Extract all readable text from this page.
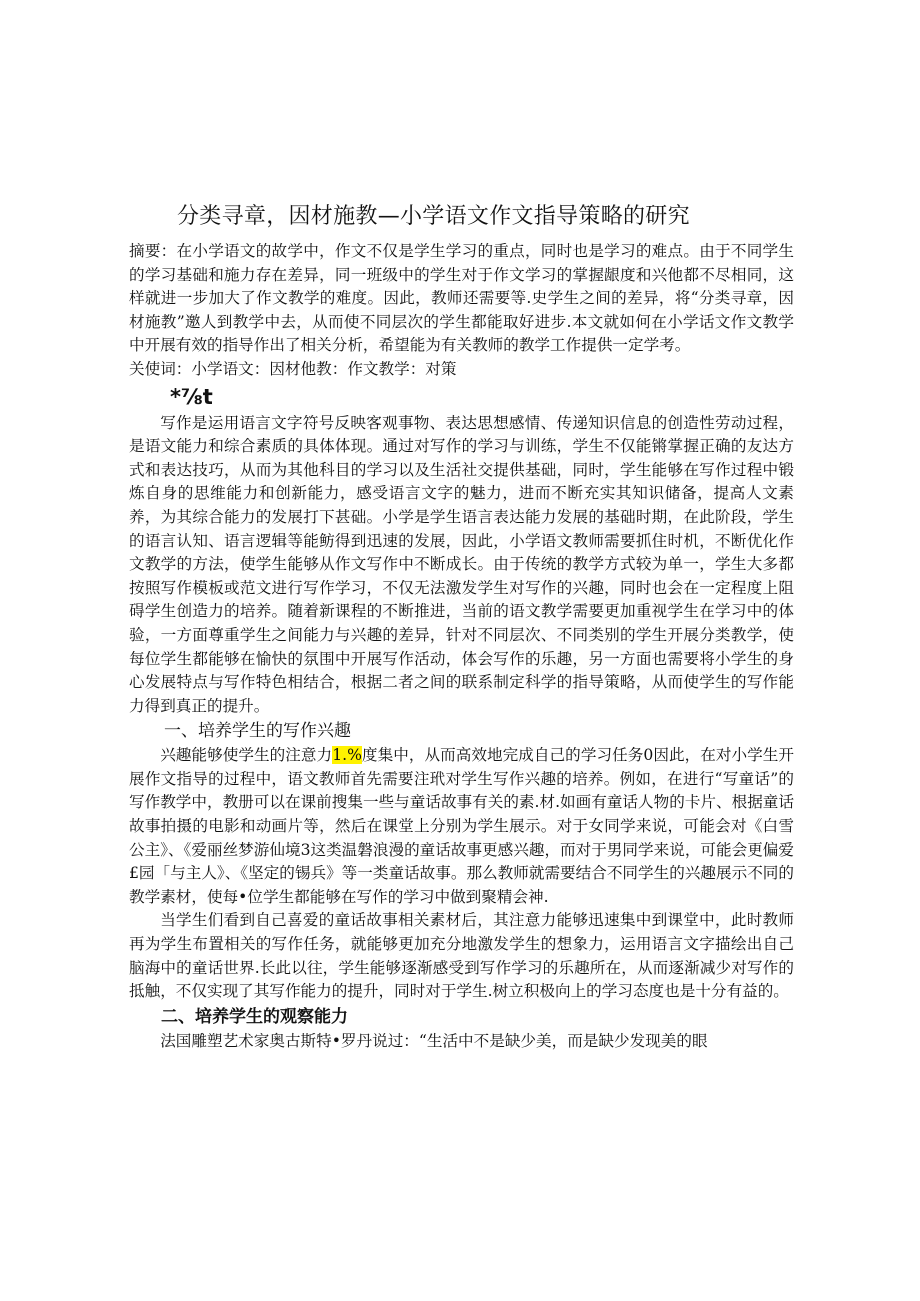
分类寻章，因材施教—小学语文作文指导策略的研究

摘要：在小学语文的故学中，作文不仅是学生学习的重点，同时也是学习的难点。由于不同学生的学习基础和施力存在差异，同一班级中的学生对于作文学习的掌握龈度和兴他都不尽相同，这样就进一步加大了作文教学的难度。因此，教师还需要等.史学生之间的差异，将“分类寻章，因材施教”邀人到教学中去，从而使不同层次的学生都能取好进步.本文就如何在小学话文作文教学中开展有效的指导作出了相关分析，希望能为有关教师的教学工作提供一定学考。

关使词：小学语文：因材他教：作文教学：对策

*⅞t

写作是运用语言文字符号反映客观事物、表达思想感情、传递知识信息的创造性劳动过程，是语文能力和综合素质的具体体现。通过对写作的学习与训练，学生不仅能锵掌握正确的友达方式和表达技巧，从而为其他科目的学习以及生活社交提供基础，同时，学生能够在写作过程中锻炼自身的思维能力和创新能力，感受语言文字的魅力，进而不断充实其知识储备，提高人文素养，为其综合能力的发展打下甚础。小学是学生语言表达能力发展的基础时期，在此阶段，学生的语言认知、语言逻辑等能鲂得到迅速的发展，因此，小学语文教师需要抓住时机，不断优化作文教学的方法，使学生能够从作文写作中不断成长。由于传统的教学方式较为单一，学生大多都按照写作模板或范文进行写作学习，不仅无法激发学生对写作的兴趣，同时也会在一定程度上阻碍学生创造力的培养。随着新课程的不断推进，当前的语文教学需要更加重视学生在学习中的体验，一方面尊重学生之间能力与兴趣的差异，针对不同层次、不同类别的学生开展分类教学，使每位学生都能够在愉快的氛围中开展写作活动，体会写作的乐趣，另一方面也需要将小学生的身心发展特点与写作特色相结合，根据二者之间的联系制定科学的指导策略，从而使学生的写作能力得到真正的提升。

一、培养学生的写作兴趣

兴趣能够使学生的注意力1.%度集中，从而高效地完成自己的学习任务0因此，在对小学生开展作文指导的过程中，语文教师首先需要注玳对学生写作兴趣的培养。例如，在进行“写童话”的写作教学中，教册可以在课前搜集一些与童话故事有关的素.材.如画有童话人物的卡片、根据童话故事拍摄的电影和动画片等，然后在课堂上分别为学生展示。对于女同学来说，可能会对《白雪公主》、《爱丽丝梦游仙境3这类温磐浪漫的童话故事更感兴趣，而对于男同学来说，可能会更偏爱£园「与主人》、《坚定的锡兵》等一类童话故事。那么教师就需要结合不同学生的兴趣展示不同的教学素材，使每•位学生都能够在写作的学习中做到聚精会神.

当学生们看到自己喜爱的童话故事相关素材后，其注意力能够迅速集中到课堂中，此时教师再为学生布置相关的写作任务，就能够更加充分地激发学生的想象力，运用语言文字描绘出自己脑海中的童话世界.长此以往，学生能够逐渐感受到写作学习的乐趣所在，从而逐渐减少对写作的抵触，不仅实现了其写作能力的提升，同时对于学生.树立积极向上的学习态度也是十分有益的。

二、培养学生的观察能力

法国雕塑艺术家奥古斯特•罗丹说过：“生活中不是缺少美，而是缺少发现美的眼
